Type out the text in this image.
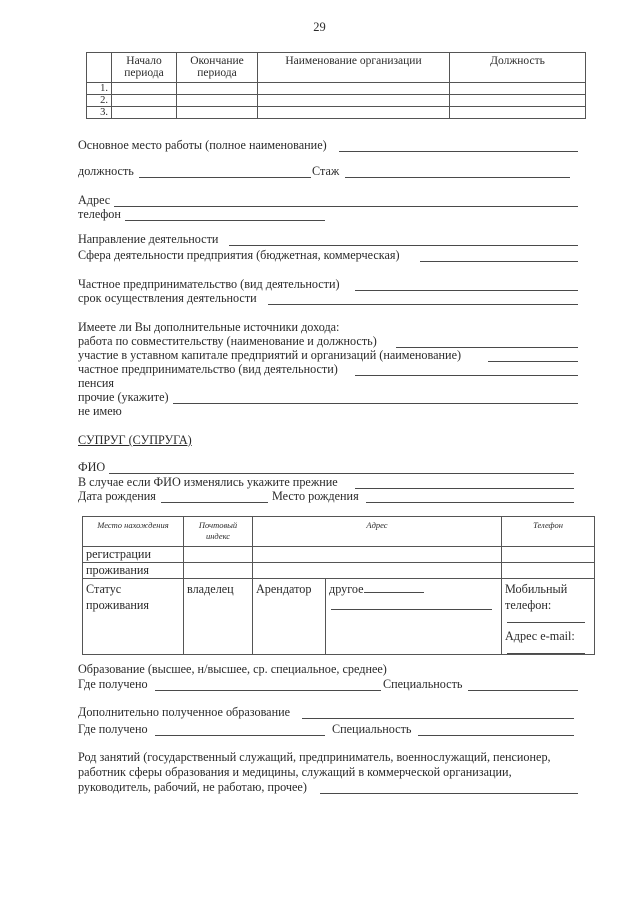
29
	Начало периода	Окончание периода	Наименование организации	Должность
1.				
2.				
3.				
Основное место работы (полное наименование)
должность	Стаж
Адрес
телефон
Направление деятельности
Сфера деятельности предприятия (бюджетная, коммерческая)
Частное предпринимательство (вид деятельности)
срок осуществления деятельности
Имеете ли Вы дополнительные источники дохода:
работа по совместительству (наименование и должность)
участие в уставном капитале предприятий и организаций (наименование)
частное предпринимательство (вид деятельности)
пенсия
прочие (укажите)
не имею
СУПРУГ (СУПРУГА)
ФИО
В случае если ФИО изменялись укажите прежние
Дата рождения	Место рождения
Место нахождения	Почтовый индекс	Адрес		Телефон
регистрации				
проживания				
Статус проживания	владелец	Арендатор	другое	Мобильный телефон:
Адрес e-mail:
Образование (высшее, н/высшее, ср. специальное, среднее)
Где получено	Специальность
Дополнительно полученное образование
Где получено	Специальность
Род занятий (государственный служащий, предприниматель, военнослужащий, пенсионер,
работник сферы образования и медицины, служащий в коммерческой организации,
руководитель, рабочий, не работаю, прочее)
